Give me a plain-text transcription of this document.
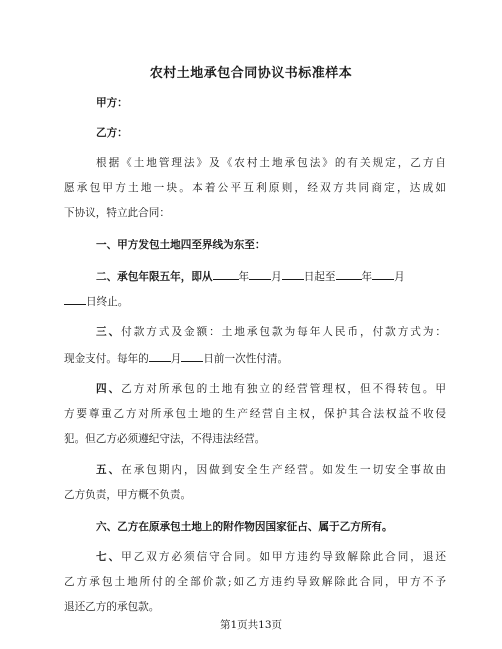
农村土地承包合同协议书标准样本
甲方：
乙方：
根据《土地管理法》及《农村土地承包法》的有关规定，乙方自
愿承包甲方土地一块。本着公平互利原则，经双方共同商定，达成如
下协议，特立此合同：
一、甲方发包土地四至界线为东至：
二、承包年限五年，即从 年 月 日起至 年 月
日终止。
三、付款方式及金额：土地承包款为每年人民币，付款方式为：
现金支付。每年的 月 日前一次性付清。
四、乙方对所承包的土地有独立的经营管理权，但不得转包。甲
方要尊重乙方对所承包土地的生产经营自主权，保护其合法权益不收侵
犯。但乙方必须遵纪守法，不得违法经营。
五、在承包期内，因做到安全生产经营。如发生一切安全事故由
乙方负责，甲方概不负责。
六、乙方在原承包土地上的附作物因国家征占、属于乙方所有。
七、甲乙双方必须信守合同。如甲方违约导致解除此合同，退还
乙方承包土地所付的全部价款;如乙方违约导致解除此合同，甲方不予
退还乙方的承包款。
第1页共13页
